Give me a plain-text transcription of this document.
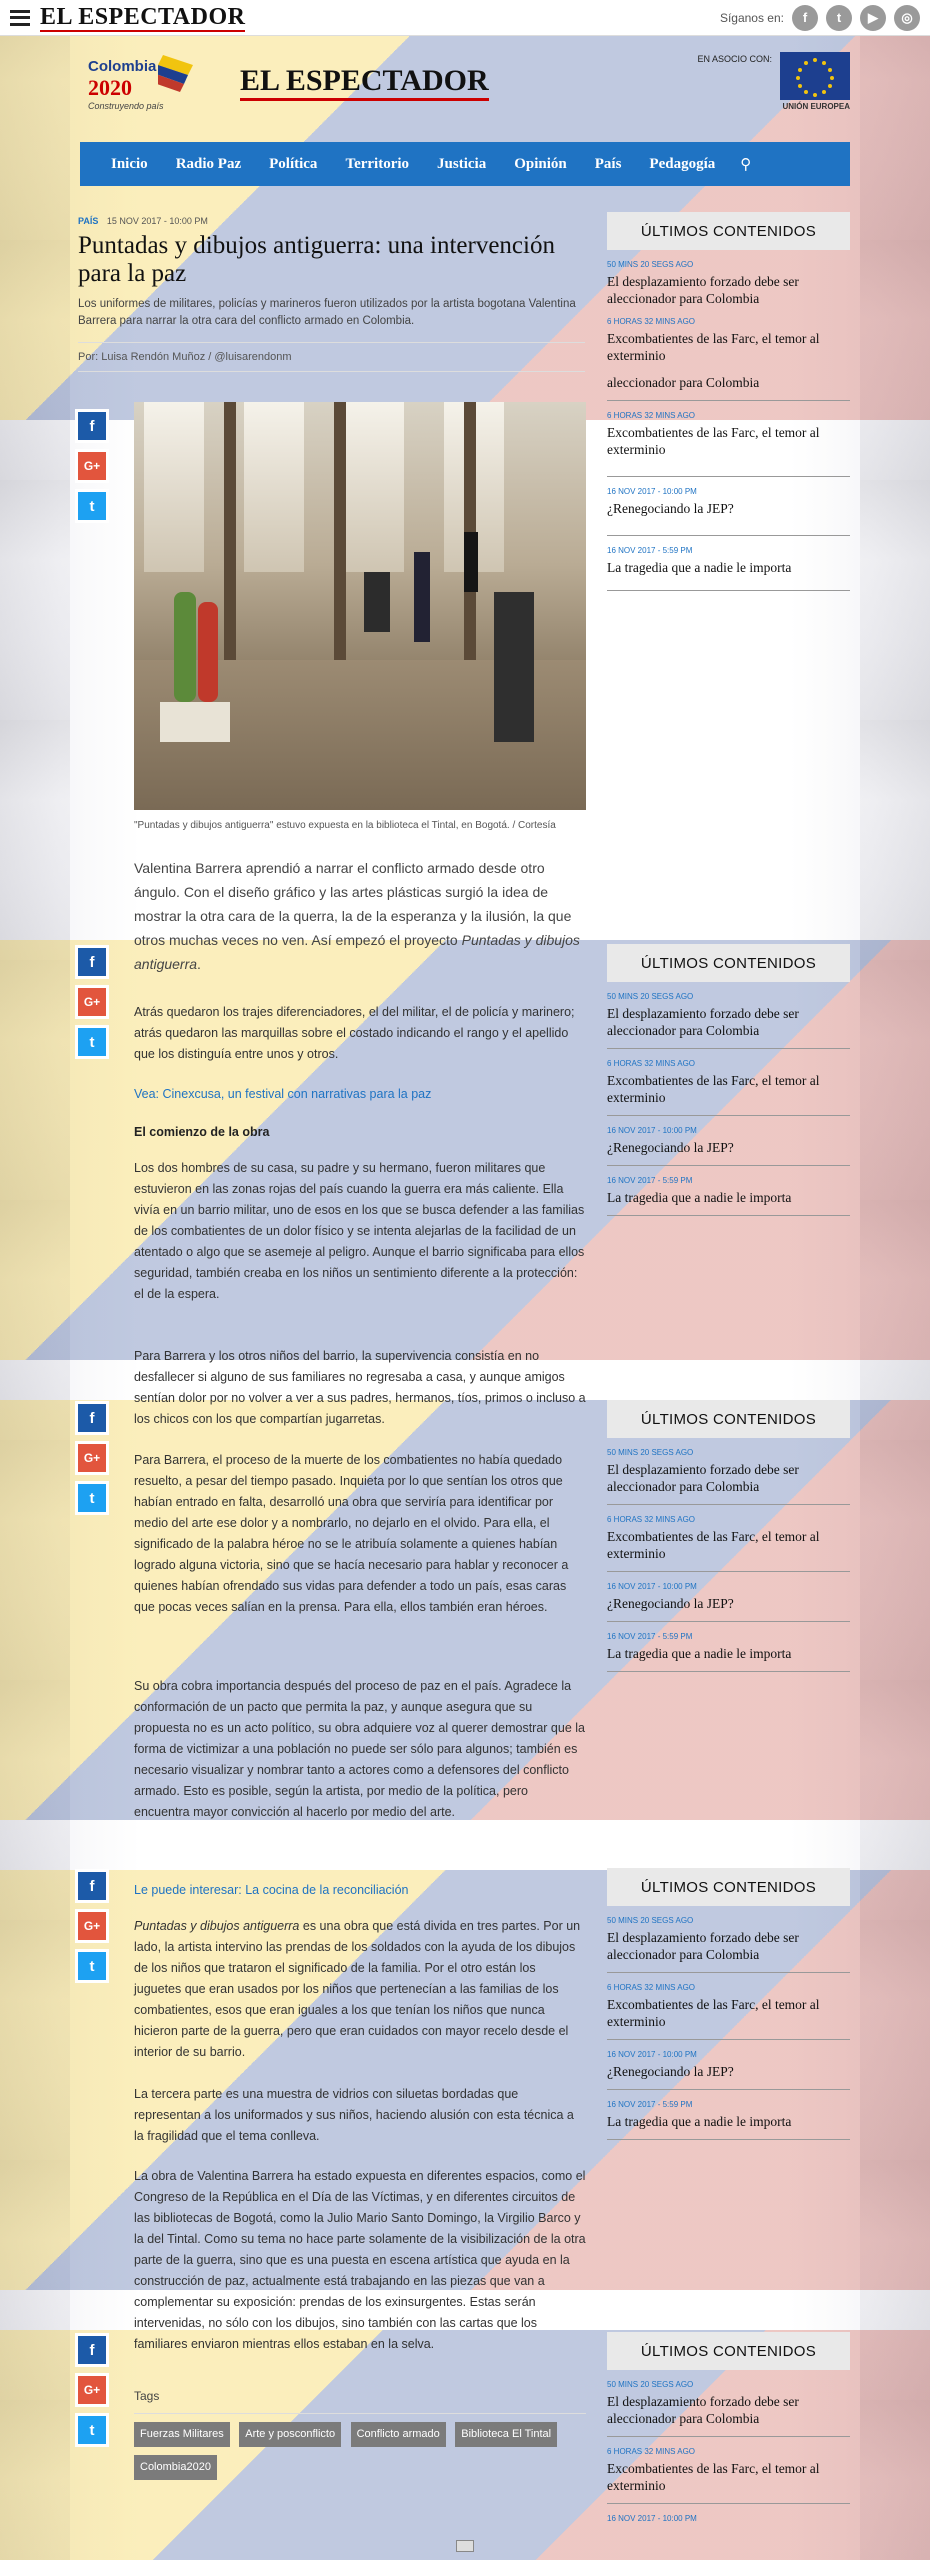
EL ESPECTADOR	Síganos en:	f	t	▶	◎
Colombia
2020
Construyendo país
EL ESPECTADOR
EN ASOCIO CON:
UNIÓN EUROPEA
Inicio	Radio Paz	Política	Territorio	Justicia	Opinión	País	Pedagogía	⚲
PAÍS 15 NOV 2017 - 10:00 PM
Puntadas y dibujos antiguerra: una intervención para la paz

Los uniformes de militares, policías y marineros fueron utilizados por la artista bogotana Valentina Barrera para narrar la otra cara del conflicto armado en Colombia.

Por: Luisa Rendón Muñoz / @luisarendonm

"Puntadas y dibujos antiguerra" estuvo expuesta en la biblioteca el Tintal, en Bogotá. / Cortesía

Valentina Barrera aprendió a narrar el conflicto armado desde otro ángulo. Con el diseño gráfico y las artes plásticas surgió la idea de mostrar la otra cara de la querra, la de la esperanza y la ilusión, la que otros muchas veces no ven. Así empezó el proyecto Puntadas y dibujos antiguerra.

Atrás quedaron los trajes diferenciadores, el del militar, el de policía y marinero; atrás quedaron las marquillas sobre el costado indicando el rango y el apellido que los distinguía entre unos y otros.

Vea: Cinexcusa, un festival con narrativas para la paz

El comienzo de la obra

Los dos hombres de su casa, su padre y su hermano, fueron militares que estuvieron en las zonas rojas del país cuando la guerra era más caliente. Ella vivía en un barrio militar, uno de esos en los que se busca defender a las familias de los combatientes de un dolor físico y se intenta alejarlas de la facilidad de un atentado o algo que se asemeje al peligro. Aunque el barrio significaba para ellos seguridad, también creaba en los niños un sentimiento diferente a la protección: el de la espera.

Para Barrera y los otros niños del barrio, la supervivencia consistía en no desfallecer si alguno de sus familiares no regresaba a casa, y aunque amigos sentían dolor por no volver a ver a sus padres, hermanos, tíos, primos o incluso a los chicos con los que compartían jugarretas.

Para Barrera, el proceso de la muerte de los combatientes no había quedado resuelto, a pesar del tiempo pasado. Inquieta por lo que sentían los otros que habían entrado en falta, desarrolló una obra que serviría para identificar por medio del arte ese dolor y a nombrarlo, no dejarlo en el olvido. Para ella, el significado de la palabra héroe no se le atribuía solamente a quienes habían logrado alguna victoria, sino que se hacía necesario para hablar y reconocer a quienes habían ofrendado sus vidas para defender a todo un país, esas caras que pocas veces salían en la prensa. Para ella, ellos también eran héroes.

Su obra cobra importancia después del proceso de paz en el país. Agradece la conformación de un pacto que permita la paz, y aunque asegura que su propuesta no es un acto político, su obra adquiere voz al querer demostrar que la forma de victimizar a una población no puede ser sólo para algunos; también es necesario visualizar y nombrar tanto a actores como a defensores del conflicto armado. Esto es posible, según la artista, por medio de la política, pero encuentra mayor convicción al hacerlo por medio del arte.

Le puede interesar: La cocina de la reconciliación

Puntadas y dibujos antiguerra es una obra que está divida en tres partes. Por un lado, la artista intervino las prendas de los soldados con la ayuda de los dibujos de los niños que trataron el significado de la familia. Por el otro están los juguetes que eran usados por los niños que pertenecían a las familias de los combatientes, esos que eran iguales a los que tenían los niños que nunca hicieron parte de la guerra, pero que eran cuidados con mayor recelo desde el interior de su barrio.

La tercera parte es una muestra de vidrios con siluetas bordadas que representan a los uniformados y sus niños, haciendo alusión con esta técnica a la fragilidad que el tema conlleva.

La obra de Valentina Barrera ha estado expuesta en diferentes espacios, como el Congreso de la República en el Día de las Víctimas, y en diferentes circuitos de las bibliotecas de Bogotá, como la Julio Mario Santo Domingo, la Virgilio Barco y la del Tintal. Como su tema no hace parte solamente de la visibilización de la otra parte de la guerra, sino que es una puesta en escena artística que ayuda en la construcción de paz, actualmente está trabajando en las piezas que van a complementar su exposición: prendas de los exinsurgentes. Estas serán intervenidas, no sólo con los dibujos, sino también con las cartas que los familiares enviaron mientras ellos estaban en la selva.

Tags
Fuerzas Militares Arte y posconflicto Conflicto armado Biblioteca El Tintal Colombia2020
f
G+
t
f
G+
t
f
G+
t
f
G+
t
f
G+
t
ÚLTIMOS CONTENIDOS
50 MINS 20 SEGS AGO
El desplazamiento forzado debe ser aleccionador para Colombia
6 HORAS 32 MINS AGO
Excombatientes de las Farc, el temor al exterminio
aleccionador para Colombia
6 HORAS 32 MINS AGO
Excombatientes de las Farc, el temor al exterminio
16 NOV 2017 - 10:00 PM
¿Renegociando la JEP?
16 NOV 2017 - 5:59 PM
La tragedia que a nadie le importa
ÚLTIMOS CONTENIDOS
50 MINS 20 SEGS AGO
El desplazamiento forzado debe ser aleccionador para Colombia
6 HORAS 32 MINS AGO
Excombatientes de las Farc, el temor al exterminio
16 NOV 2017 - 10:00 PM
¿Renegociando la JEP?
16 NOV 2017 - 5:59 PM
La tragedia que a nadie le importa
ÚLTIMOS CONTENIDOS
50 MINS 20 SEGS AGO
El desplazamiento forzado debe ser aleccionador para Colombia
6 HORAS 32 MINS AGO
Excombatientes de las Farc, el temor al exterminio
16 NOV 2017 - 10:00 PM
¿Renegociando la JEP?
16 NOV 2017 - 5:59 PM
La tragedia que a nadie le importa
ÚLTIMOS CONTENIDOS
50 MINS 20 SEGS AGO
El desplazamiento forzado debe ser aleccionador para Colombia
6 HORAS 32 MINS AGO
Excombatientes de las Farc, el temor al exterminio
16 NOV 2017 - 10:00 PM
¿Renegociando la JEP?
16 NOV 2017 - 5:59 PM
La tragedia que a nadie le importa
ÚLTIMOS CONTENIDOS
50 MINS 20 SEGS AGO
El desplazamiento forzado debe ser aleccionador para Colombia
6 HORAS 32 MINS AGO
Excombatientes de las Farc, el temor al exterminio
16 NOV 2017 - 10:00 PM
